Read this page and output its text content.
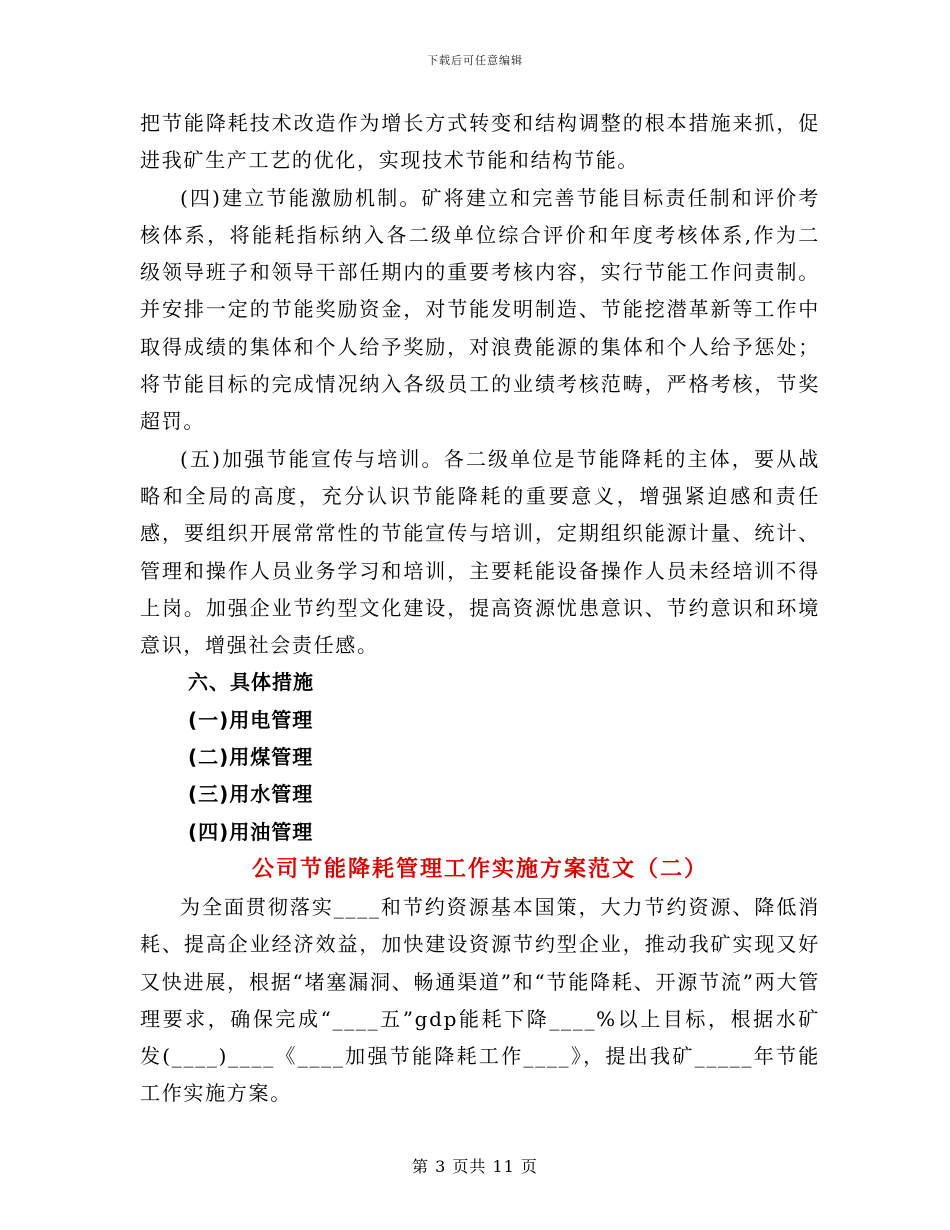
下载后可任意编辑

把节能降耗技术改造作为增长方式转变和结构调整的根本措施来抓，促进我矿生产工艺的优化，实现技术节能和结构节能。

(四)建立节能激励机制。矿将建立和完善节能目标责任制和评价考核体系，将能耗指标纳入各二级单位综合评价和年度考核体系,作为二级领导班子和领导干部任期内的重要考核内容，实行节能工作问责制。并安排一定的节能奖励资金，对节能发明制造、节能挖潜革新等工作中取得成绩的集体和个人给予奖励，对浪费能源的集体和个人给予惩处；将节能目标的完成情况纳入各级员工的业绩考核范畴，严格考核，节奖超罚。

(五)加强节能宣传与培训。各二级单位是节能降耗的主体，要从战略和全局的高度，充分认识节能降耗的重要意义，增强紧迫感和责任感，要组织开展常常性的节能宣传与培训，定期组织能源计量、统计、管理和操作人员业务学习和培训，主要耗能设备操作人员未经培训不得上岗。加强企业节约型文化建设，提高资源忧患意识、节约意识和环境意识，增强社会责任感。

六、具体措施

(一)用电管理

(二)用煤管理

(三)用水管理

(四)用油管理

公司节能降耗管理工作实施方案范文（二）

为全面贯彻落实____和节约资源基本国策，大力节约资源、降低消耗、提高企业经济效益，加快建设资源节约型企业，推动我矿实现又好又快进展，根据“堵塞漏洞、畅通渠道”和“节能降耗、开源节流”两大管理要求，确保完成“____五”gdp能耗下降____%以上目标，根据水矿发(____)____《____加强节能降耗工作____》，提出我矿_____年节能工作实施方案。

第 3 页共 11 页
